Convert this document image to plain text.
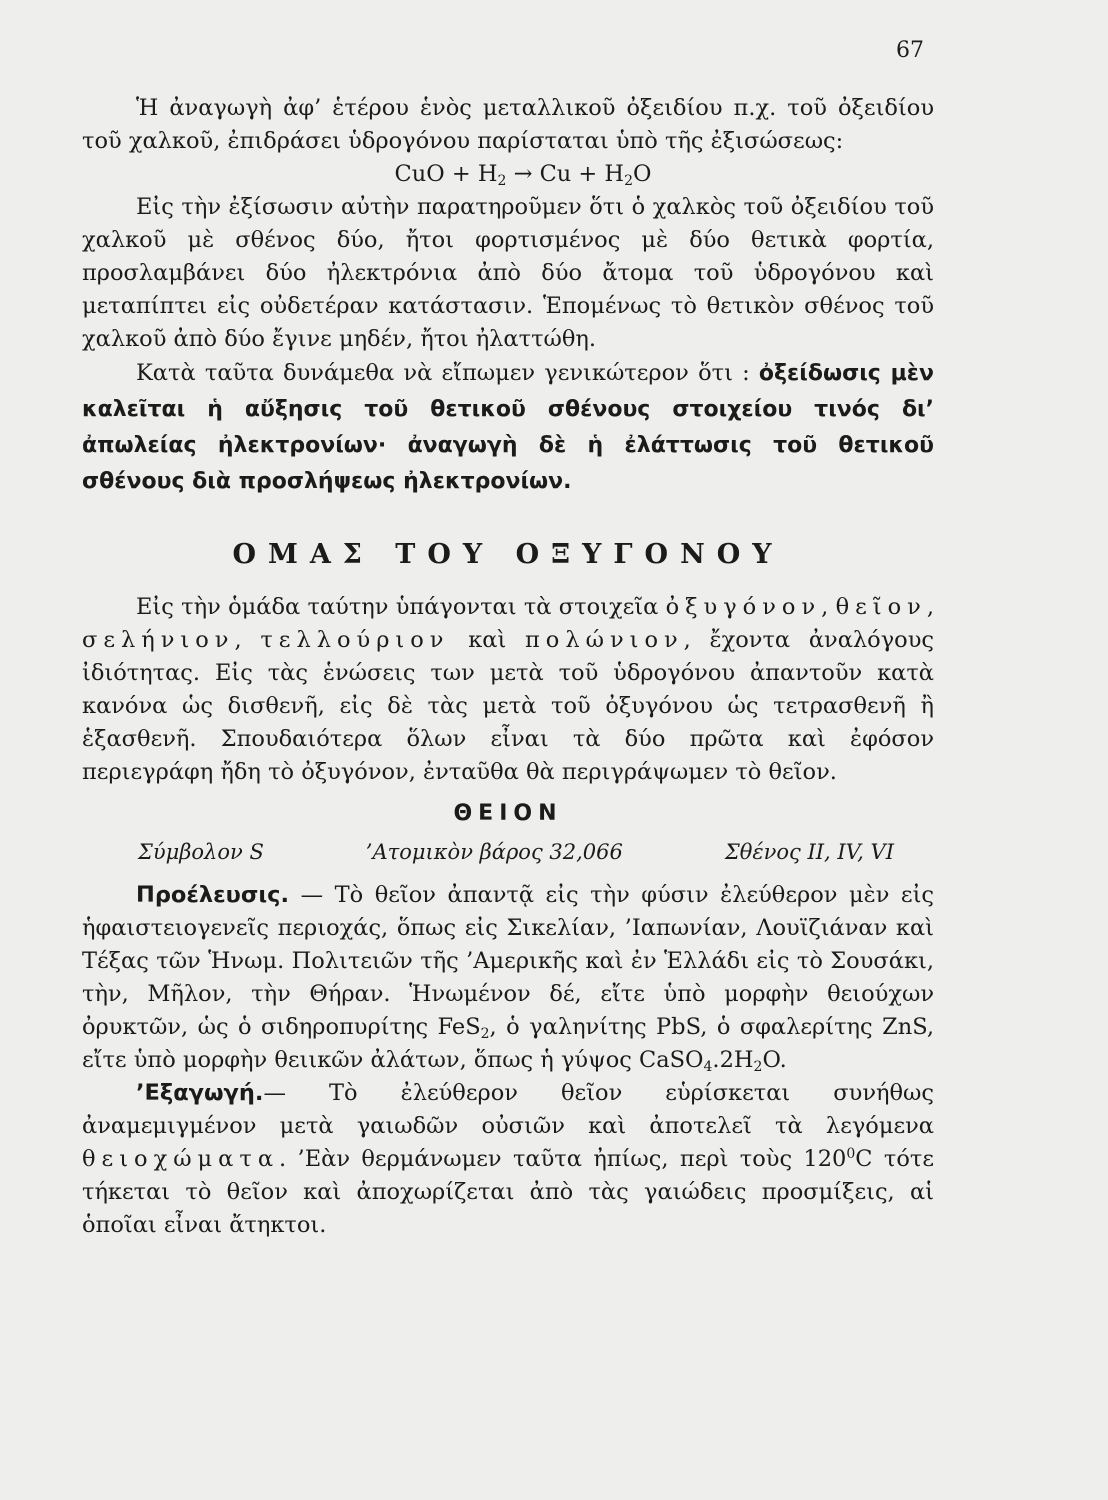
67

Ἡ ἀναγωγὴ ἀφ’ ἑτέρου ἑνὸς μεταλλικοῦ ὀξειδίου π.χ. τοῦ ὀξειδίου τοῦ χαλκοῦ, ἐπιδράσει ὑδρογόνου παρίσταται ὑπὸ τῆς ἐξισώσεως:

CuO + $H_2 \to Cu + H_2O$

Εἰς τὴν ἐξίσωσιν αὐτὴν παρατηροῦμεν ὅτι ὁ χαλκὸς τοῦ ὀξειδίου τοῦ χαλκοῦ μὲ σθένος δύο, ἤτοι φορτισμένος μὲ δύο θετικὰ φορτία, προσλαμβάνει δύο ἠλεκτρόνια ἀπὸ δύο ἄτομα τοῦ ὑδρογόνου καὶ μεταπίπτει εἰς οὐδετέραν κατάστασιν. Ἑπομένως τὸ θετικὸν σθένος τοῦ χαλκοῦ ἀπὸ δύο ἔγινε μηδέν, ἤτοι ἠλαττώθη.

Κατὰ ταῦτα δυνάμεθα νὰ εἴπωμεν γενικώτερον ὅτι : ὀξείδωσις μὲν καλεῖται ἡ αὔξησις τοῦ θετικοῦ σθένους στοιχείου τινός δι’ ἀπωλείας ἠλεκτρονίων· ἀναγωγὴ δὲ ἡ ἐλάττωσις τοῦ θετικοῦ σθένους διὰ προσλήψεως ἠλεκτρονίων.

ΟΜΑΣ ΤΟΥ ΟΞΥΓΟΝΟΥ

Εἰς τὴν ὁμάδα ταύτην ὑπάγονται τὰ στοιχεῖα ὀξυγόνον, θεῖον, σελήνιον, τελλούριον καὶ πολώνιον, ἔχοντα ἀναλόγους ἰδιότητας. Εἰς τὰς ἑνώσεις των μετὰ τοῦ ὑδρογόνου ἀπαντοῦν κατὰ κανόνα ὡς δισθενῆ, εἰς δὲ τὰς μετὰ τοῦ ὀξυγόνου ὡς τετρασθενῆ ἢ ἑξασθενῆ. Σπουδαιότερα ὅλων εἶναι τὰ δύο πρῶτα καὶ ἐφόσον περιεγράφη ἤδη τὸ ὀξυγόνον, ἐνταῦθα θὰ περιγράψωμεν τὸ θεῖον.

ΘΕΙΟΝ
Σύμβολον S	’Ατομικὸν βάρος 32,066	Σθένος II, IV, VI

Προέλευσις. — Τὸ θεῖον ἀπαντᾷ εἰς τὴν φύσιν ἐλεύθερον μὲν εἰς ἡφαιστειογενεῖς περιοχάς, ὅπως εἰς Σικελίαν, ’Ιαπωνίαν, Λουϊζιάναν καὶ Τέξας τῶν Ἡνωμ. Πολιτειῶν τῆς ’Αμερικῆς καὶ ἐν Ἑλλάδι εἰς τὸ Σουσάκι, τὴν, Μῆλον, τὴν Θήραν. Ἡνωμένον δέ, εἴτε ὑπὸ μορφὴν θειούχων ὀρυκτῶν, ὡς ὁ σιδηροπυρίτης FeS$_2$, ὁ γαληνίτης PbS, ὁ σφαλερίτης ZnS, εἴτε ὑπὸ μορφὴν θειικῶν ἀλάτων, ὅπως ἡ γύψος $CaSO_4.2H_2O$.

’Εξαγωγή.— Τὸ ἐλεύθερον θεῖον εὑρίσκεται συνήθως ἀναμεμιγμένον μετὰ γαιωδῶν οὐσιῶν καὶ ἀποτελεῖ τὰ λεγόμενα θειοχώματα. ’Εὰν θερμάνωμεν ταῦτα ἠπίως, περὶ τοὺς $120^0C$ τότε τήκεται τὸ θεῖον καὶ ἀποχωρίζεται ἀπὸ τὰς γαιώδεις προσμίξεις, αἱ ὁποῖαι εἶναι ἄτηκτοι.
